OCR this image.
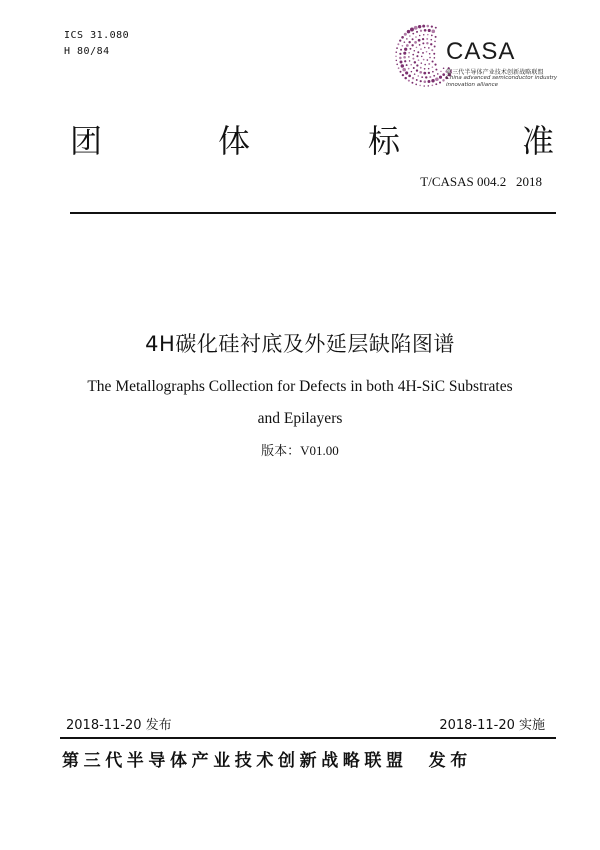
ICS 31.080
H 80/84	CASA
第三代半导体产业技术创新战略联盟
China advanced semiconductor industry
innovation alliance
团	体	标	准
T/CASAS 004.2   2018
4H碳化硅衬底及外延层缺陷图谱
The Metallographs Collection for Defects in both 4H-SiC Substrates
and Epilayers
版本：V01.00
2018-11-20 发布	2018-11-20 实施
第三代半导体产业技术创新战略联盟  发布
